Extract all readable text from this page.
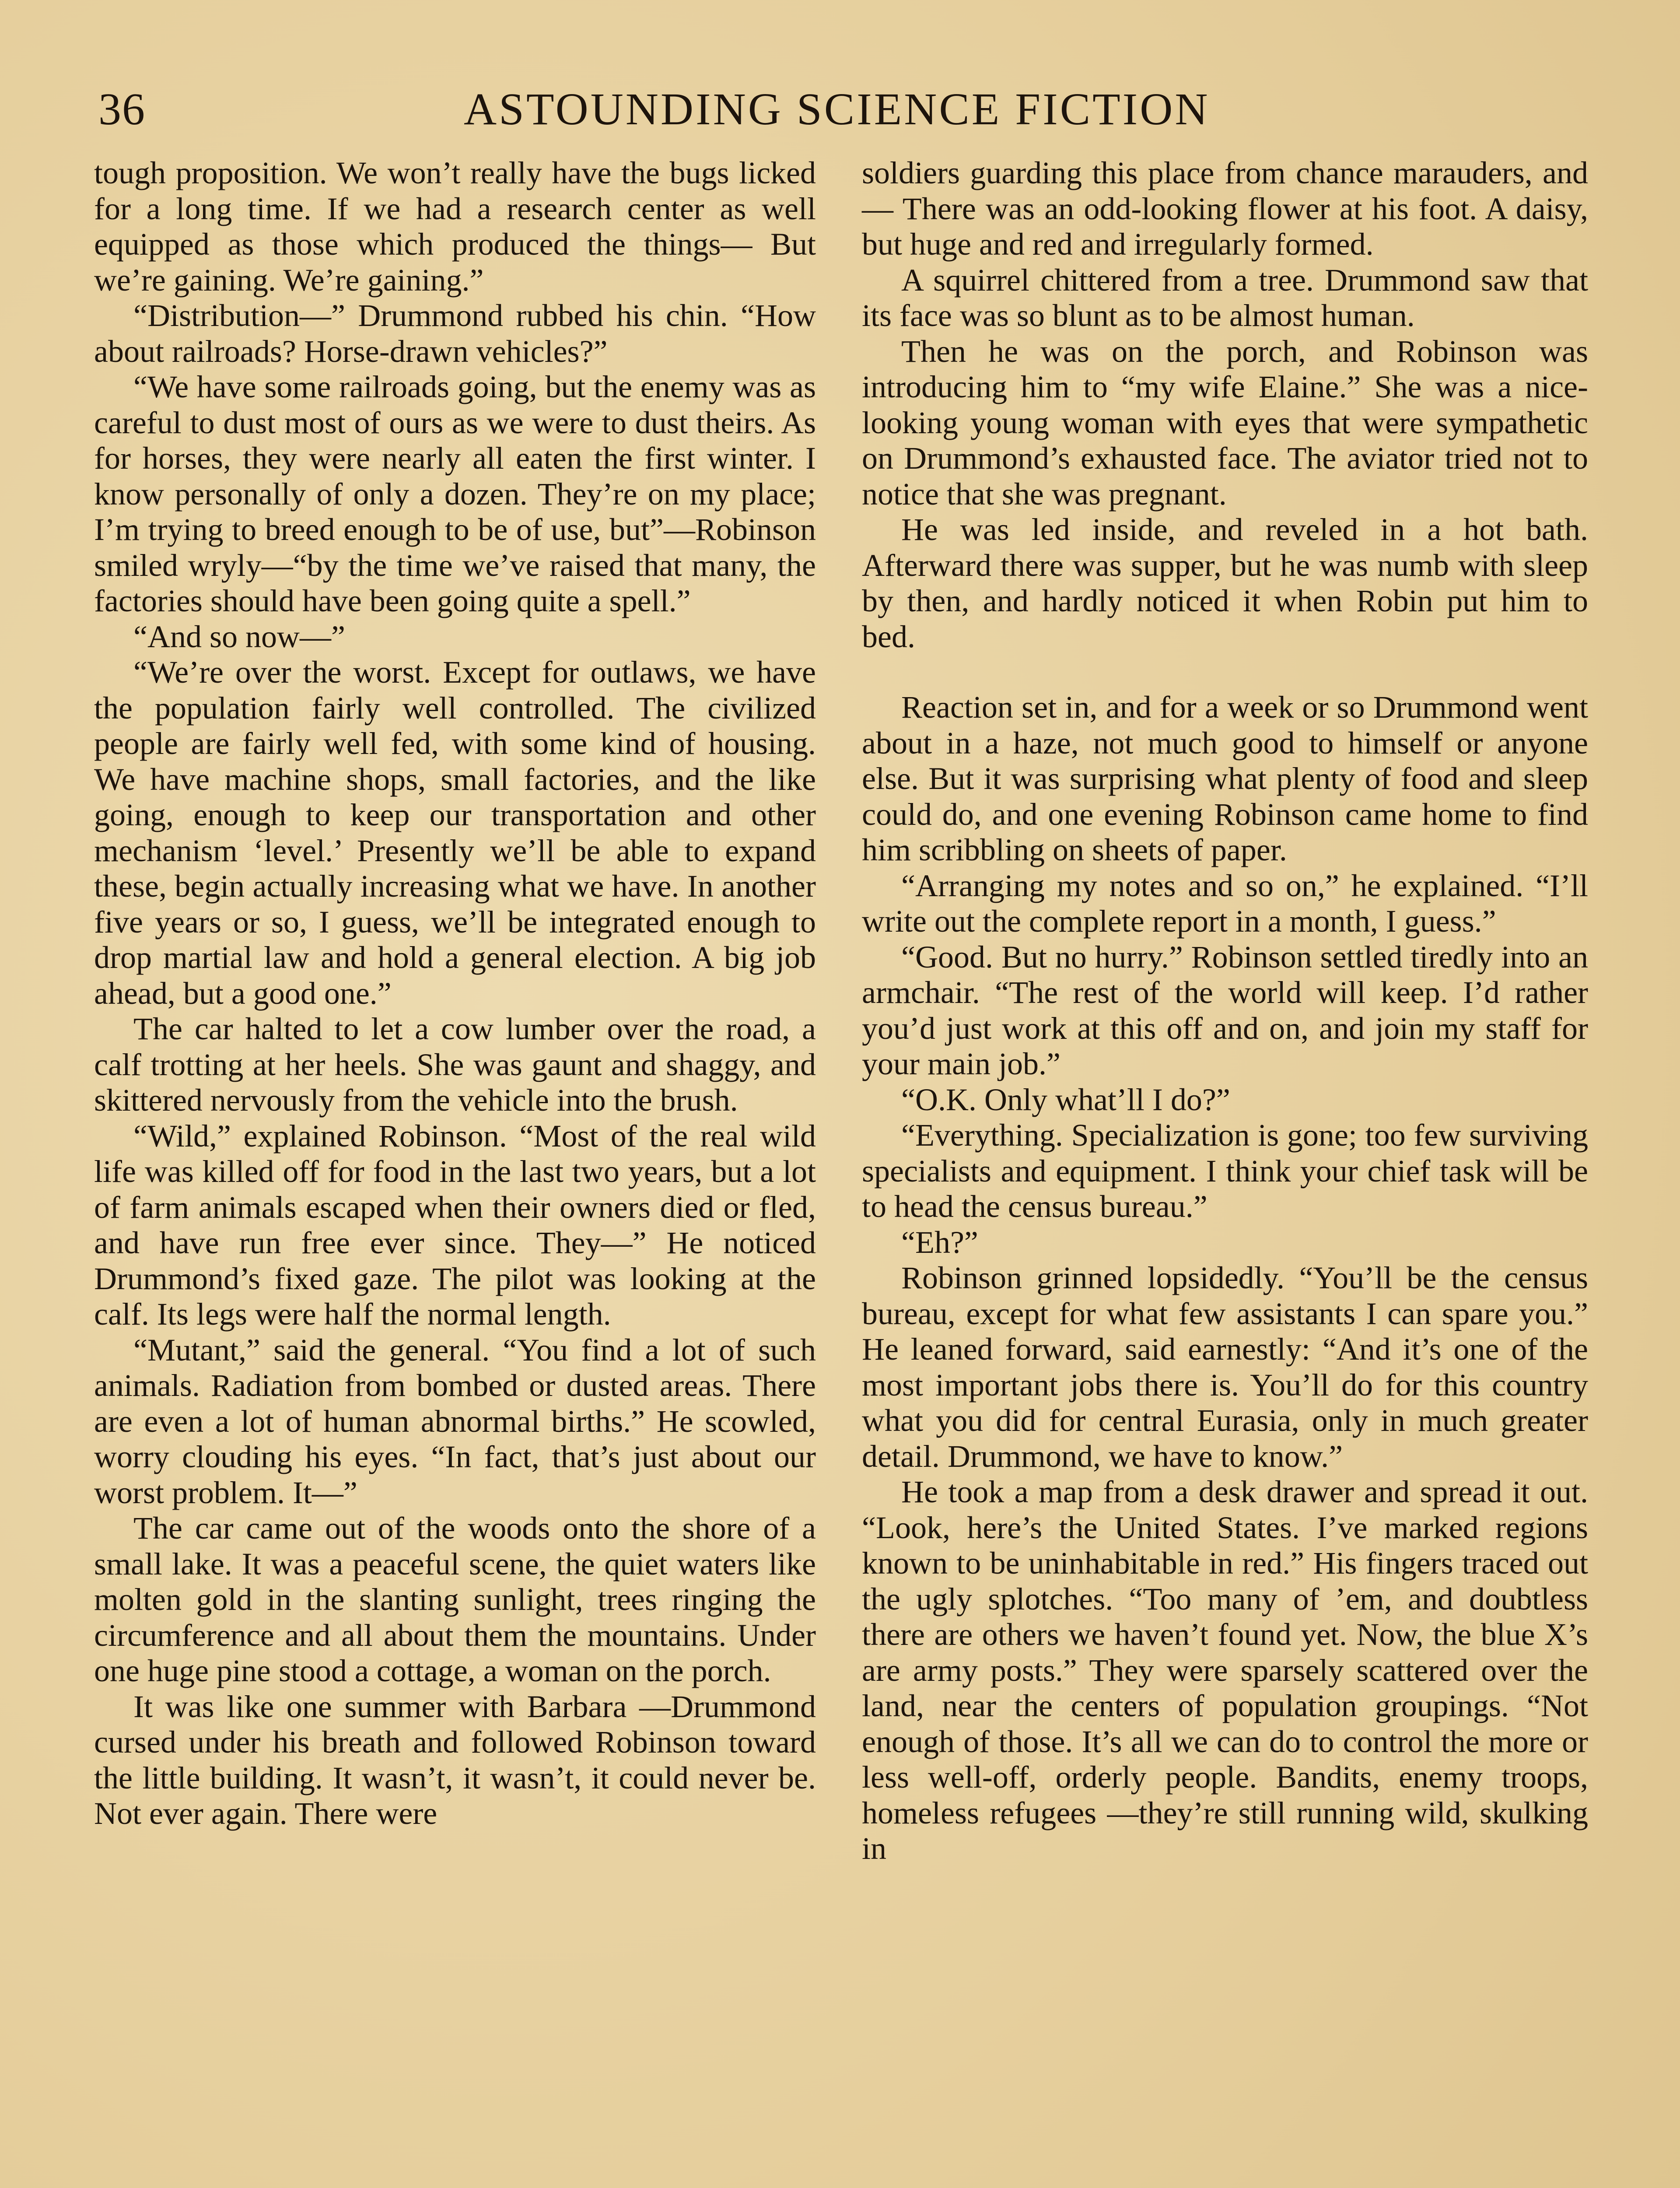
36	ASTOUNDING SCIENCE FICTION

tough proposition. We won’t really have the bugs licked for a long time. If we had a research center as well equipped as those which produced the things— But we’re gaining. We’re gaining.”

“Distribution—” Drummond rubbed his chin. “How about railroads? Horse-drawn vehicles?”

“We have some railroads going, but the enemy was as careful to dust most of ours as we were to dust theirs. As for horses, they were nearly all eaten the first winter. I know personally of only a dozen. They’re on my place; I’m trying to breed enough to be of use, but”—Robinson smiled wryly—“by the time we’ve raised that many, the factories should have been going quite a spell.”

“And so now—”

“We’re over the worst. Except for outlaws, we have the population fairly well controlled. The civilized people are fairly well fed, with some kind of housing. We have machine shops, small factories, and the like going, enough to keep our transportation and other mechanism ‘level.’ Presently we’ll be able to expand these, begin actually increasing what we have. In another five years or so, I guess, we’ll be integrated enough to drop martial law and hold a general election. A big job ahead, but a good one.”

The car halted to let a cow lumber over the road, a calf trotting at her heels. She was gaunt and shaggy, and skittered nervously from the vehicle into the brush.

“Wild,” explained Robinson. “Most of the real wild life was killed off for food in the last two years, but a lot of farm animals escaped when their owners died or fled, and have run free ever since. They—” He noticed Drummond’s fixed gaze. The pilot was looking at the calf. Its legs were half the normal length.

“Mutant,” said the general. “You find a lot of such animals. Radiation from bombed or dusted areas. There are even a lot of human abnormal births.” He scowled, worry clouding his eyes. “In fact, that’s just about our worst problem. It—”

The car came out of the woods onto the shore of a small lake. It was a peaceful scene, the quiet waters like molten gold in the slanting sunlight, trees ringing the circumference and all about them the mountains. Under one huge pine stood a cottage, a woman on the porch.

It was like one summer with Barbara —Drummond cursed under his breath and followed Robinson toward the little building. It wasn’t, it wasn’t, it could never be. Not ever again. There were

soldiers guarding this place from chance marauders, and— There was an odd-looking flower at his foot. A daisy, but huge and red and irregularly formed.

A squirrel chittered from a tree. Drummond saw that its face was so blunt as to be almost human.

Then he was on the porch, and Robinson was introducing him to “my wife Elaine.” She was a nice-looking young woman with eyes that were sympathetic on Drummond’s exhausted face. The aviator tried not to notice that she was pregnant.

He was led inside, and reveled in a hot bath. Afterward there was supper, but he was numb with sleep by then, and hardly noticed it when Robin put him to bed.

Reaction set in, and for a week or so Drummond went about in a haze, not much good to himself or anyone else. But it was surprising what plenty of food and sleep could do, and one evening Robinson came home to find him scribbling on sheets of paper.

“Arranging my notes and so on,” he explained. “I’ll write out the complete report in a month, I guess.”

“Good. But no hurry.” Robinson settled tiredly into an armchair. “The rest of the world will keep. I’d rather you’d just work at this off and on, and join my staff for your main job.”

“O.K. Only what’ll I do?”

“Everything. Specialization is gone; too few surviving specialists and equipment. I think your chief task will be to head the census bureau.”

“Eh?”

Robinson grinned lopsidedly. “You’ll be the census bureau, except for what few assistants I can spare you.” He leaned forward, said earnestly: “And it’s one of the most important jobs there is. You’ll do for this country what you did for central Eurasia, only in much greater detail. Drummond, we have to know.”

He took a map from a desk drawer and spread it out. “Look, here’s the United States. I’ve marked regions known to be uninhabitable in red.” His fingers traced out the ugly splotches. “Too many of ’em, and doubtless there are others we haven’t found yet. Now, the blue X’s are army posts.” They were sparsely scattered over the land, near the centers of population groupings. “Not enough of those. It’s all we can do to control the more or less well-off, orderly people. Bandits, enemy troops, homeless refugees —they’re still running wild, skulking in
